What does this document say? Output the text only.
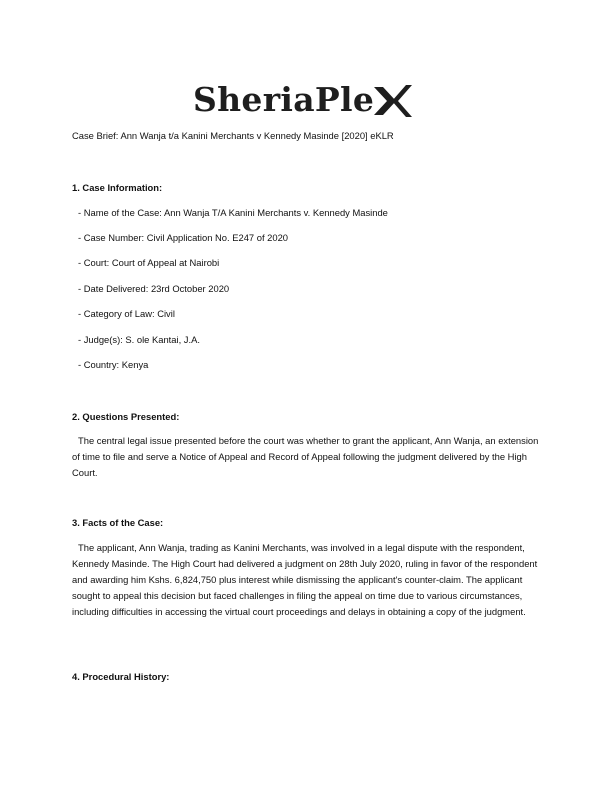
SheriaPle
Case Brief: Ann Wanja t/a Kanini Merchants v Kennedy Masinde [2020] eKLR
1. Case Information:
- Name of the Case: Ann Wanja T/A Kanini Merchants v. Kennedy Masinde
- Case Number: Civil Application No. E247 of 2020
- Court: Court of Appeal at Nairobi
- Date Delivered: 23rd October 2020
- Category of Law: Civil
- Judge(s): S. ole Kantai, J.A.
- Country: Kenya
2. Questions Presented:
The central legal issue presented before the court was whether to grant the applicant, Ann Wanja, an extension of time to file and serve a Notice of Appeal and Record of Appeal following the judgment delivered by the High Court.
3. Facts of the Case:
The applicant, Ann Wanja, trading as Kanini Merchants, was involved in a legal dispute with the respondent, Kennedy Masinde. The High Court had delivered a judgment on 28th July 2020, ruling in favor of the respondent and awarding him Kshs. 6,824,750 plus interest while dismissing the applicant's counter-claim. The applicant sought to appeal this decision but faced challenges in filing the appeal on time due to various circumstances, including difficulties in accessing the virtual court proceedings and delays in obtaining a copy of the judgment.
4. Procedural History:
